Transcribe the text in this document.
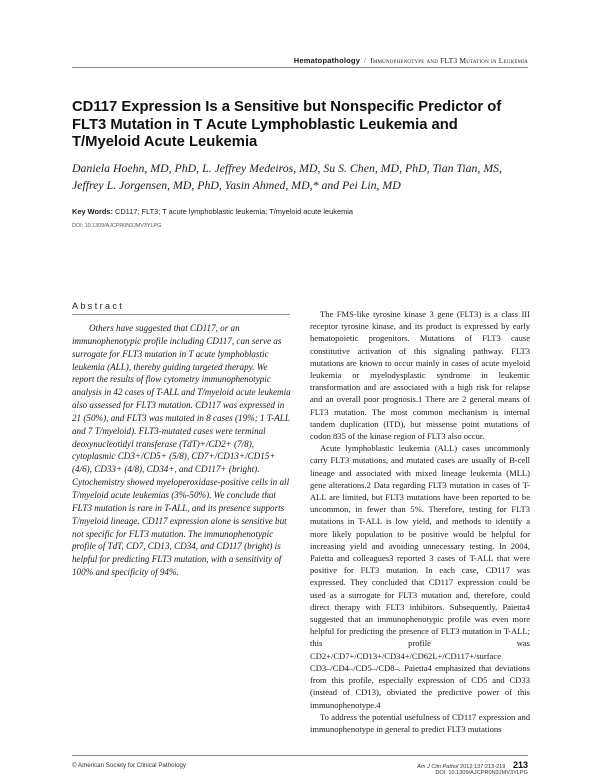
Hematopathology / Immunophenotype and FLT3 Mutation in Leukemia
CD117 Expression Is a Sensitive but Nonspecific Predictor of FLT3 Mutation in T Acute Lymphoblastic Leukemia and T/Myeloid Acute Leukemia
Daniela Hoehn, MD, PhD, L. Jeffrey Medeiros, MD, Su S. Chen, MD, PhD, Tian Tian, MS, Jeffrey L. Jorgensen, MD, PhD, Yasin Ahmed, MD,* and Pei Lin, MD
Key Words: CD117; FLT3; T acute lymphoblastic leukemia; T/myeloid acute leukemia
DOI: 10.1309/AJCPR0N3JMV3YLPG
Abstract

Others have suggested that CD117, or an immunophenotypic profile including CD117, can serve as surrogate for FLT3 mutation in T acute lymphoblastic leukemia (ALL), thereby guiding targeted therapy. We report the results of flow cytometry immunophenotypic analysis in 42 cases of T-ALL and T/myeloid acute leukemia also assessed for FLT3 mutation. CD117 was expressed in 21 (50%), and FLT3 was mutated in 8 cases (19%; 1 T-ALL and 7 T/myeloid). FLT3-mutated cases were terminal deoxynucleotidyl transferase (TdT)+/CD2+ (7/8), cytoplasmic CD3+/CD5+ (5/8), CD7+/CD13+/CD15+ (4/6), CD33+ (4/8), CD34+, and CD117+ (bright). Cytochemistry showed myeloperoxidase-positive cells in all T/myeloid acute leukemias (3%-50%). We conclude that FLT3 mutation is rare in T-ALL, and its presence supports T/myeloid lineage. CD117 expression alone is sensitive but not specific for FLT3 mutation. The immunophenotypic profile of TdT, CD7, CD13, CD34, and CD117 (bright) is helpful for predicting FLT3 mutation, with a sensitivity of 100% and specificity of 94%.

The FMS-like tyrosine kinase 3 gene (FLT3) is a class III receptor tyrosine kinase, and its product is expressed by early hematopoietic progenitors. Mutations of FLT3 cause constitutive activation of this signaling pathway. FLT3 mutations are known to occur mainly in cases of acute myeloid leukemia or myelodysplastic syndrome in leukemic transformation and are associated with a high risk for relapse and an overall poor prognosis.1 There are 2 general means of FLT3 mutation. The most common mechanism is internal tandem duplication (ITD), but missense point mutations of codon 835 of the kinase region of FLT3 also occur.

Acute lymphoblastic leukemia (ALL) cases uncommonly carry FLT3 mutations, and mutated cases are usually of B-cell lineage and associated with mixed lineage leukemia (MLL) gene alterations.2 Data regarding FLT3 mutation in cases of T-ALL are limited, but FLT3 mutations have been reported to be uncommon, in fewer than 5%. Therefore, testing for FLT3 mutations in T-ALL is low yield, and methods to identify a more likely population to be positive would be helpful for increasing yield and avoiding unnecessary testing. In 2004, Paietta and colleagues3 reported 3 cases of T-ALL that were positive for FLT3 mutation. In each case, CD117 was expressed. They concluded that CD117 expression could be used as a surrogate for FLT3 mutation and, therefore, could direct therapy with FLT3 inhibitors. Subsequently, Paietta4 suggested that an immunophenotypic profile was even more helpful for predicting the presence of FLT3 mutation in T-ALL; this profile was CD2+/CD7+/CD13+/CD34+/CD62L+/CD117+/surface CD3–/CD4–/CD5–/CD8–. Paietta4 emphasized that deviations from this profile, especially expression of CD5 and CD33 (instead of CD13), obviated the predictive power of this immunophenotype.4

To address the potential usefulness of CD117 expression and immunophenotype in general to predict FLT3 mutations

© American Society for Clinical Pathology	Am J Clin Pathol 2012;137:213-219 213
DOI: 10.1309/AJCPR0N3JMV3YLPG
